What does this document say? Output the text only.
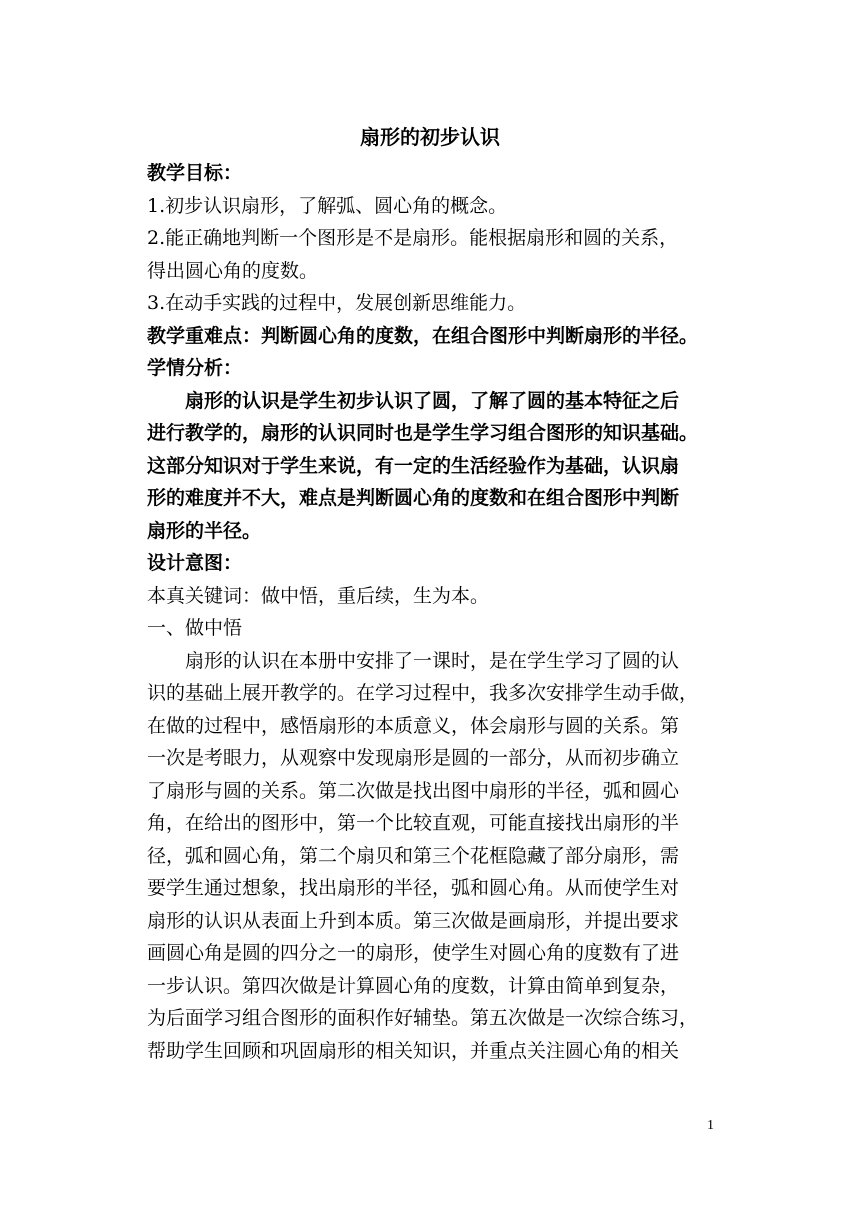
扇形的初步认识
教学目标：
1.初步认识扇形，了解弧、圆心角的概念。
2.能正确地判断一个图形是不是扇形。能根据扇形和圆的关系，
得出圆心角的度数。
3.在动手实践的过程中，发展创新思维能力。
教学重难点：判断圆心角的度数，在组合图形中判断扇形的半径。
学情分析：
扇形的认识是学生初步认识了圆，了解了圆的基本特征之后
进行教学的，扇形的认识同时也是学生学习组合图形的知识基础。
这部分知识对于学生来说，有一定的生活经验作为基础，认识扇
形的难度并不大，难点是判断圆心角的度数和在组合图形中判断
扇形的半径。
设计意图：
本真关键词：做中悟，重后续，生为本。
一、做中悟
扇形的认识在本册中安排了一课时，是在学生学习了圆的认
识的基础上展开教学的。在学习过程中，我多次安排学生动手做，
在做的过程中，感悟扇形的本质意义，体会扇形与圆的关系。第
一次是考眼力，从观察中发现扇形是圆的一部分，从而初步确立
了扇形与圆的关系。第二次做是找出图中扇形的半径，弧和圆心
角，在给出的图形中，第一个比较直观，可能直接找出扇形的半
径，弧和圆心角，第二个扇贝和第三个花框隐藏了部分扇形，需
要学生通过想象，找出扇形的半径，弧和圆心角。从而使学生对
扇形的认识从表面上升到本质。第三次做是画扇形，并提出要求
画圆心角是圆的四分之一的扇形，使学生对圆心角的度数有了进
一步认识。第四次做是计算圆心角的度数，计算由简单到复杂，
为后面学习组合图形的面积作好辅垫。第五次做是一次综合练习，
帮助学生回顾和巩固扇形的相关知识，并重点关注圆心角的相关
1
